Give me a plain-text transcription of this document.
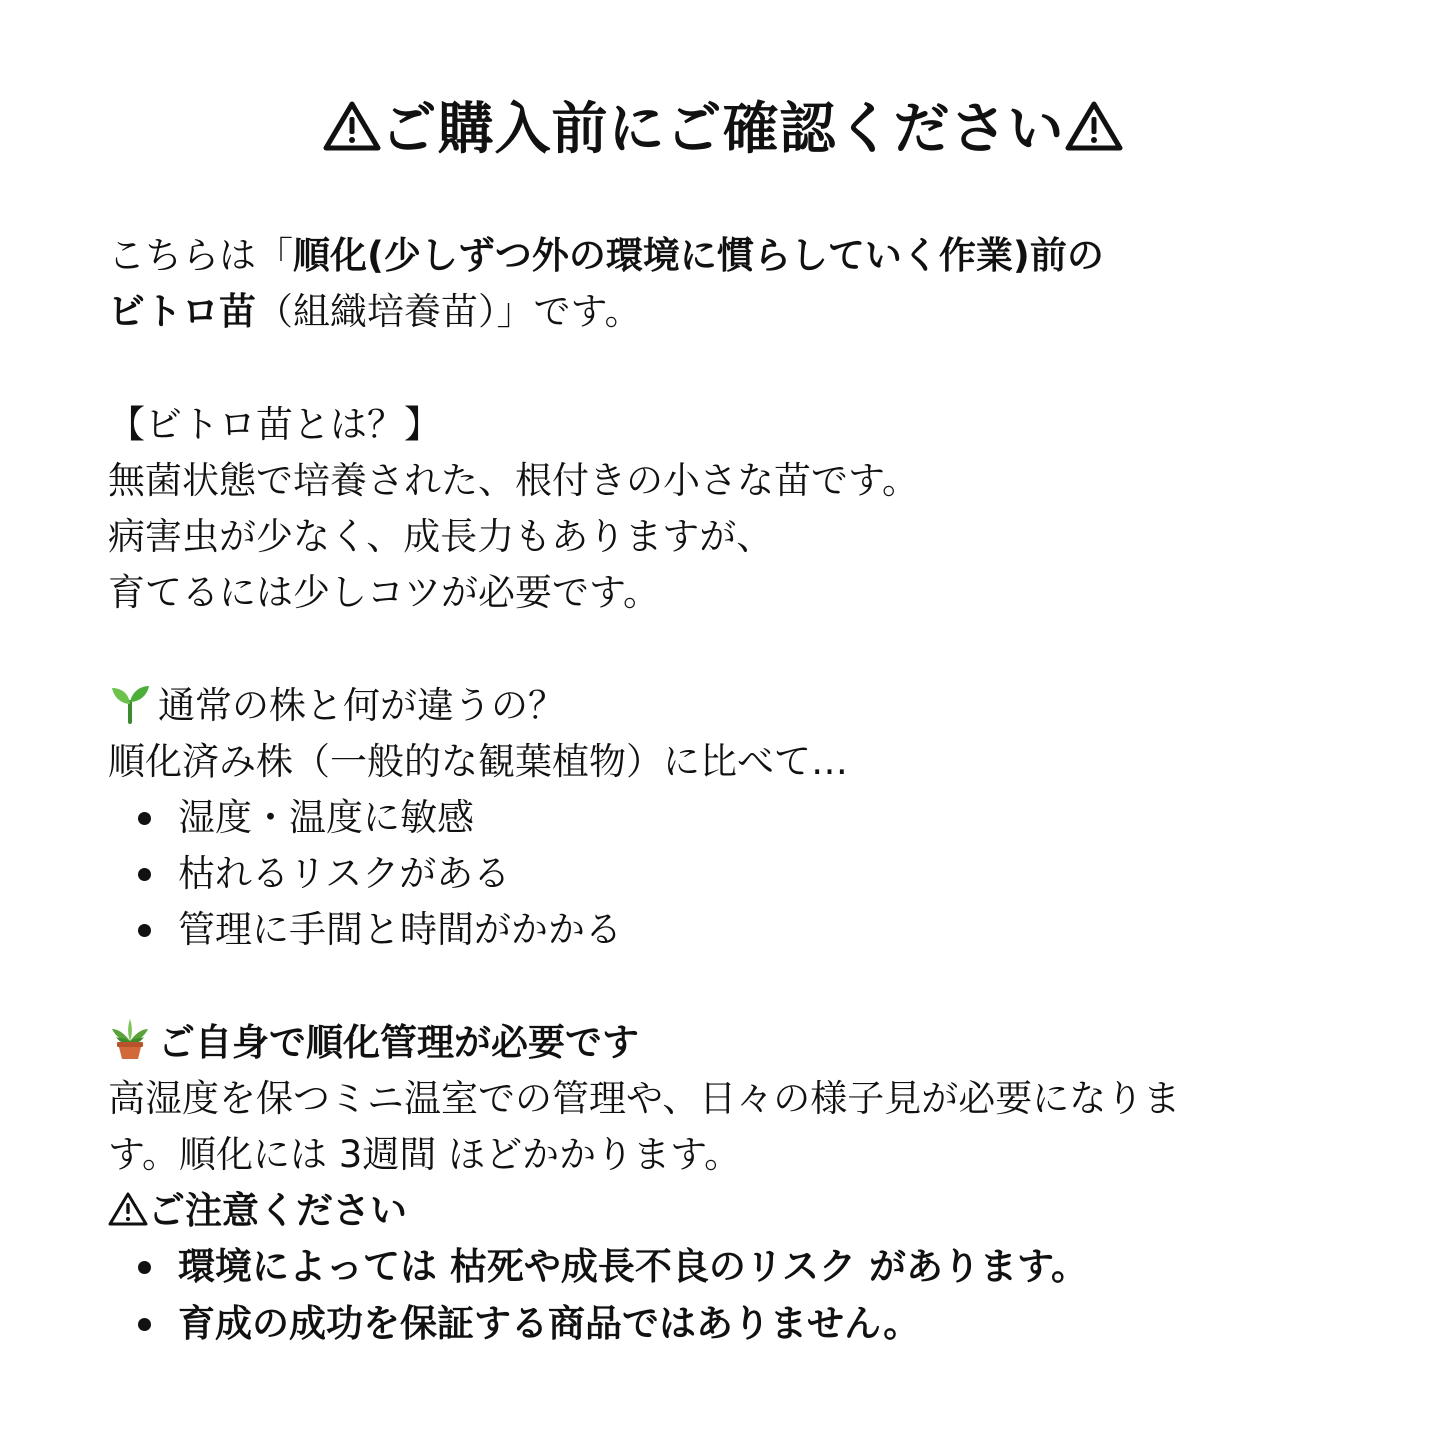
ご購入前にご確認ください
こちらは「順化(少しずつ外の環境に慣らしていく作業)前の
ビトロ苗（組織培養苗）」です。
【ビトロ苗とは？】
無菌状態で培養された、根付きの小さな苗です。
病害虫が少なく、成長力もありますが、
育てるには少しコツが必要です。
通常の株と何が違うの？
順化済み株（一般的な観葉植物）に比べて…
湿度・温度に敏感
枯れるリスクがある
管理に手間と時間がかかる
ご自身で順化管理が必要です
高湿度を保つミニ温室での管理や、日々の様子見が必要になりま
す。順化には 3週間 ほどかかります。
ご注意ください
環境によっては 枯死や成長不良のリスク があります。
育成の成功を保証する商品ではありません。
